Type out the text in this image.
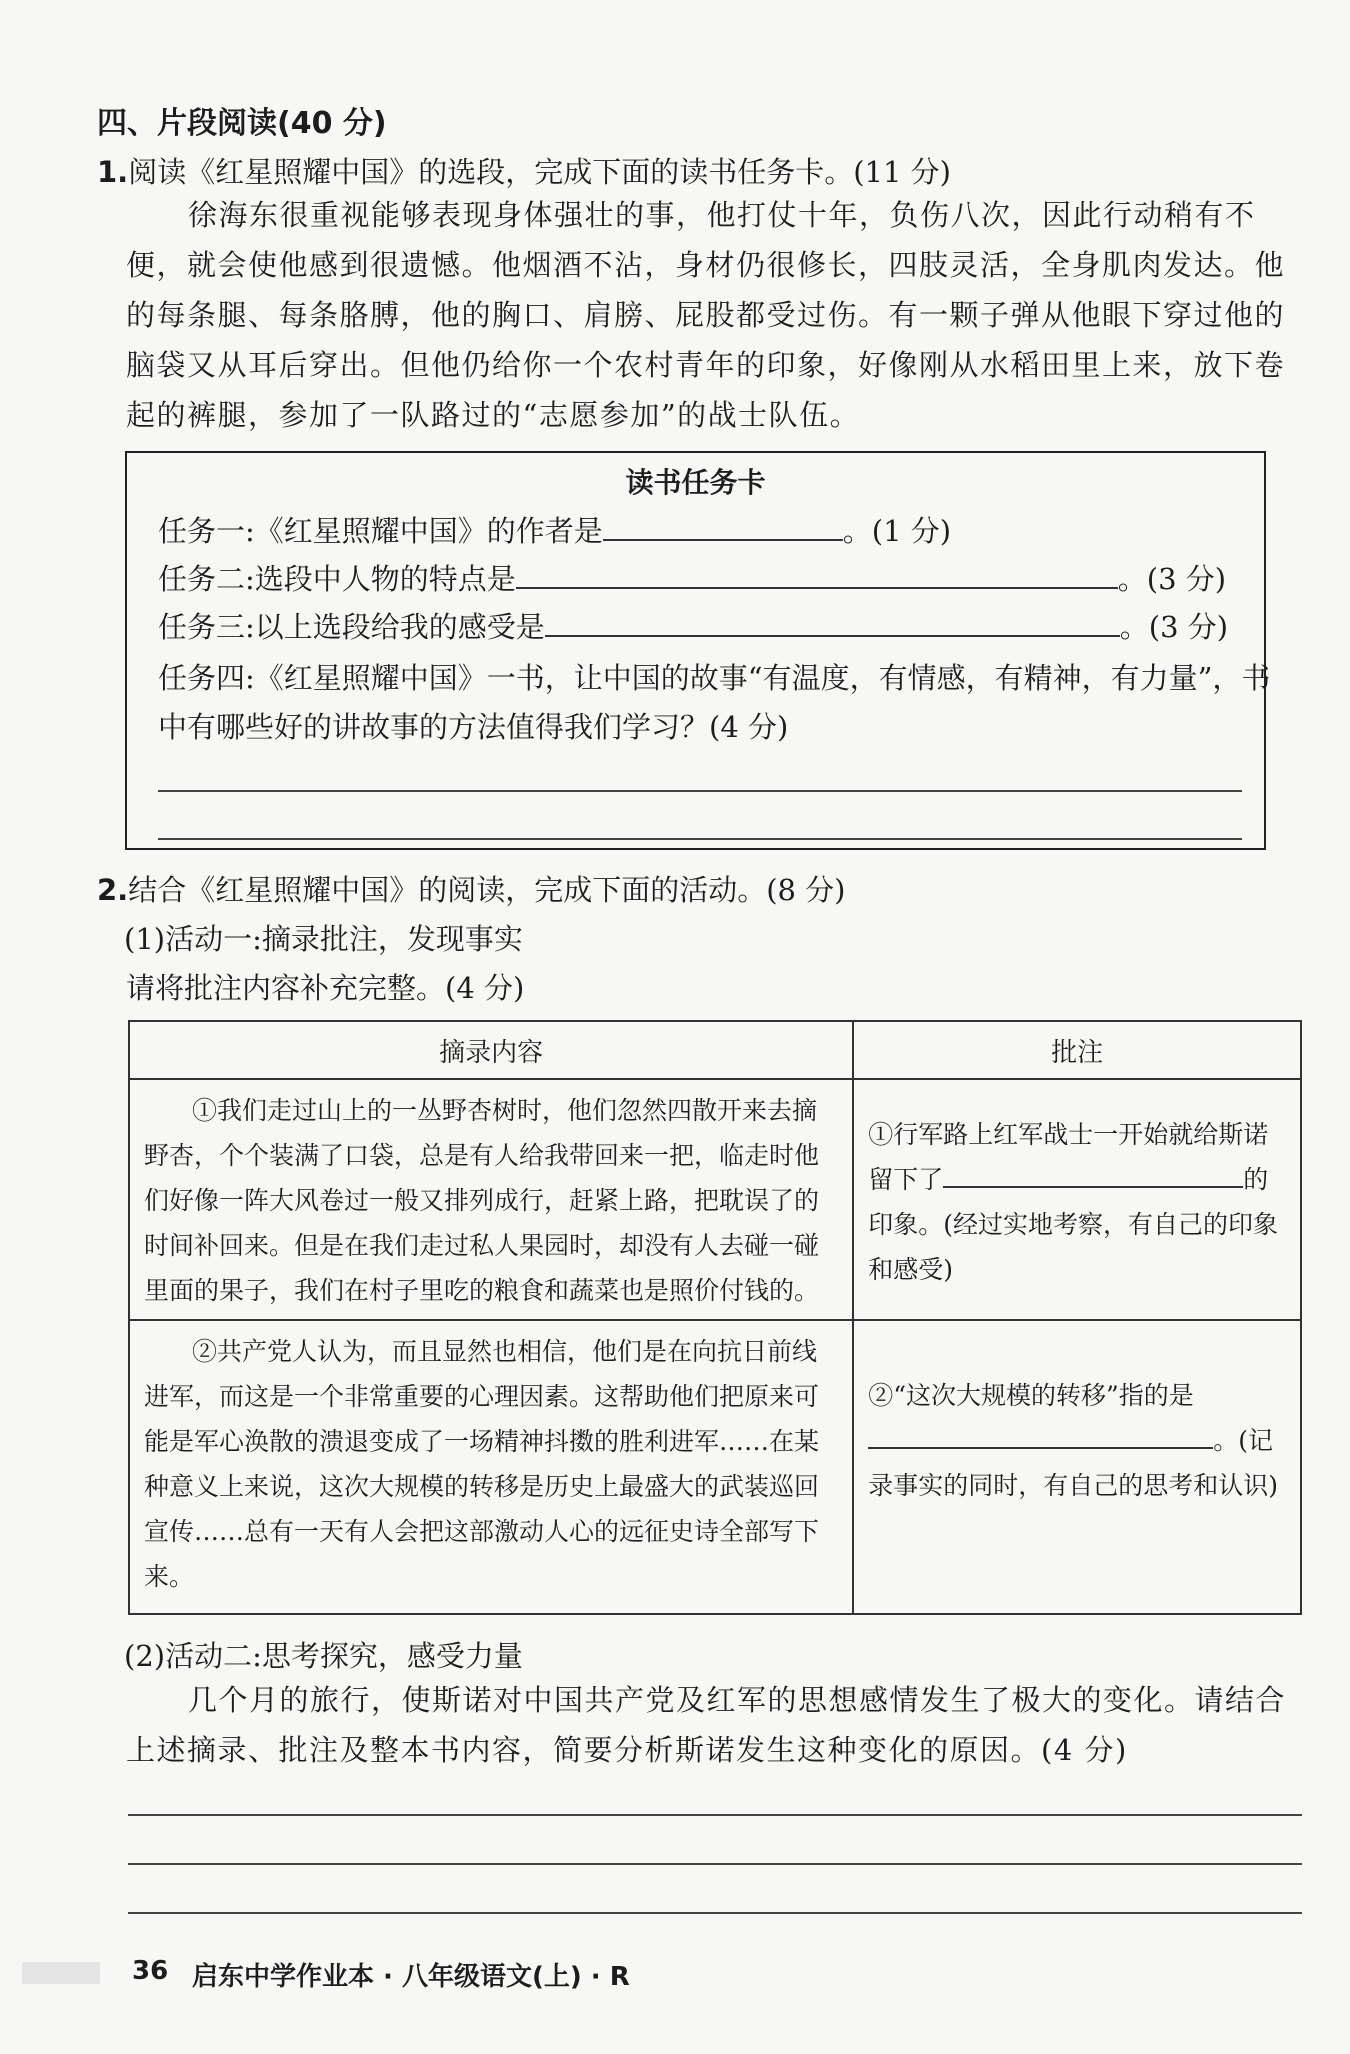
四、片段阅读(40 分)
1.阅读《红星照耀中国》的选段，完成下面的读书任务卡。(11 分)
徐海东很重视能够表现身体强壮的事，他打仗十年，负伤八次，因此行动稍有不便，就会使他感到很遗憾。他烟酒不沾，身材仍很修长，四肢灵活，全身肌肉发达。他的每条腿、每条胳膊，他的胸口、肩膀、屁股都受过伤。有一颗子弹从他眼下穿过他的脑袋又从耳后穿出。但他仍给你一个农村青年的印象，好像刚从水稻田里上来，放下卷起的裤腿，参加了一队路过的“志愿参加”的战士队伍。
读书任务卡
任务一:《红星照耀中国》的作者是	。(1 分)
任务二:选段中人物的特点是	。(3 分)
任务三:以上选段给我的感受是	。(3 分)
任务四:《红星照耀中国》一书，让中国的故事“有温度，有情感，有精神，有力量”，书
中有哪些好的讲故事的方法值得我们学习？(4 分)
2.结合《红星照耀中国》的阅读，完成下面的活动。(8 分)
(1)活动一:摘录批注，发现事实
请将批注内容补充完整。(4 分)
摘录内容	批注

①我们走过山上的一丛野杏树时，他们忽然四散开来去摘野杏，个个装满了口袋，总是有人给我带回来一把，临走时他们好像一阵大风卷过一般又排列成行，赶紧上路，把耽误了的时间补回来。但是在我们走过私人果园时，却没有人去碰一碰里面的果子，我们在村子里吃的粮食和蔬菜也是照价付钱的。	①行军路上红军战士一开始就给斯诺留下了 的印象。(经过实地考察，有自己的印象和感受)

②共产党人认为，而且显然也相信，他们是在向抗日前线进军，而这是一个非常重要的心理因素。这帮助他们把原来可能是军心涣散的溃退变成了一场精神抖擞的胜利进军……在某种意义上来说，这次大规模的转移是历史上最盛大的武装巡回宣传……总有一天有人会把这部激动人心的远征史诗全部写下来。	②“这次大规模的转移”指的是。(记录事实的同时，有自己的思考和认识)
(2)活动二:思考探究，感受力量
几个月的旅行，使斯诺对中国共产党及红军的思想感情发生了极大的变化。请结合上述摘录、批注及整本书内容，简要分析斯诺发生这种变化的原因。(4 分)
36 启东中学作业本 · 八年级语文(上) · R
